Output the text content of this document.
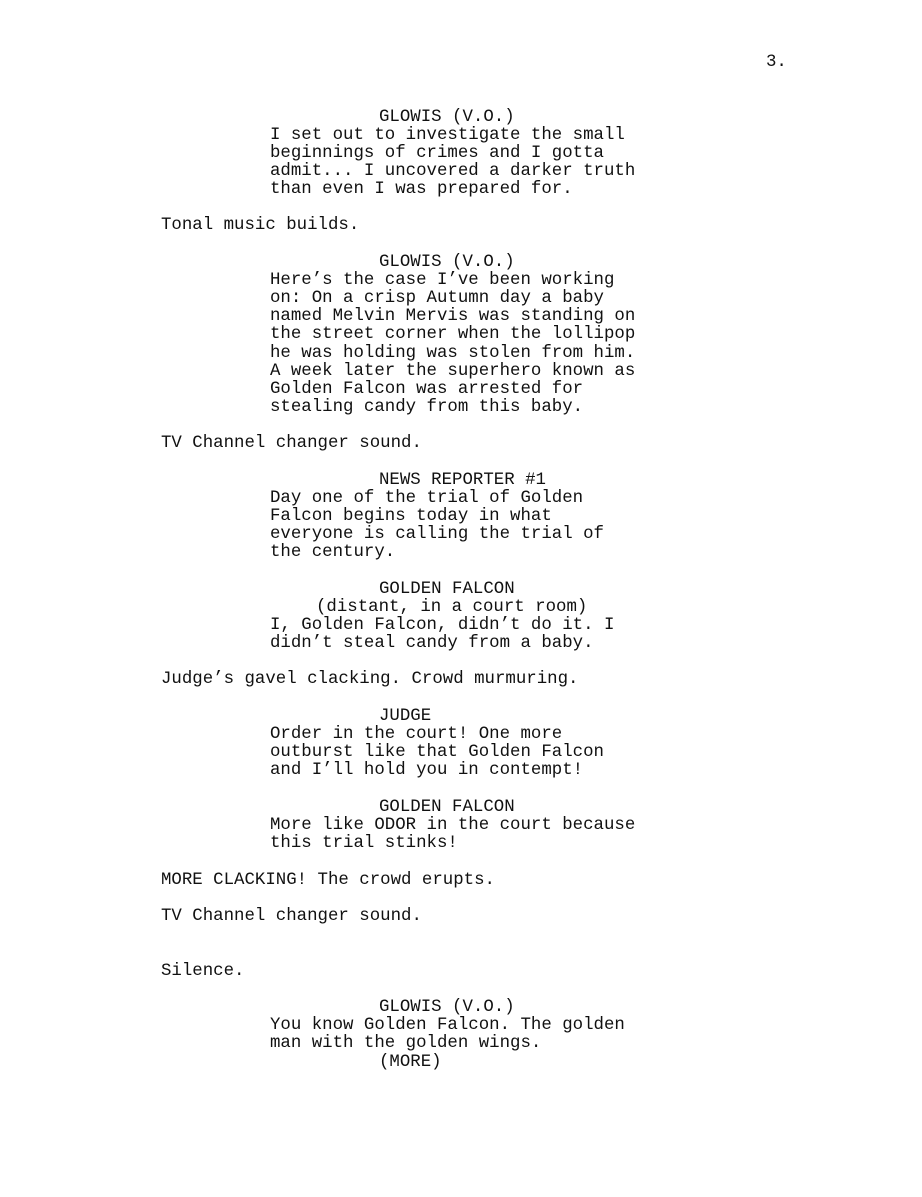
3.
GLOWIS (V.O.)
I set out to investigate the small
beginnings of crimes and I gotta
admit... I uncovered a darker truth
than even I was prepared for.
Tonal music builds.
GLOWIS (V.O.)
Here’s the case I’ve been working
on: On a crisp Autumn day a baby
named Melvin Mervis was standing on
the street corner when the lollipop
he was holding was stolen from him.
A week later the superhero known as
Golden Falcon was arrested for
stealing candy from this baby.
TV Channel changer sound.
NEWS REPORTER #1
Day one of the trial of Golden
Falcon begins today in what
everyone is calling the trial of
the century.
GOLDEN FALCON
(distant, in a court room)
I, Golden Falcon, didn’t do it. I
didn’t steal candy from a baby.
Judge’s gavel clacking. Crowd murmuring.
JUDGE
Order in the court! One more
outburst like that Golden Falcon
and I’ll hold you in contempt!
GOLDEN FALCON
More like ODOR in the court because
this trial stinks!
MORE CLACKING! The crowd erupts.
TV Channel changer sound.
Silence.
GLOWIS (V.O.)
You know Golden Falcon. The golden
man with the golden wings.
(MORE)
